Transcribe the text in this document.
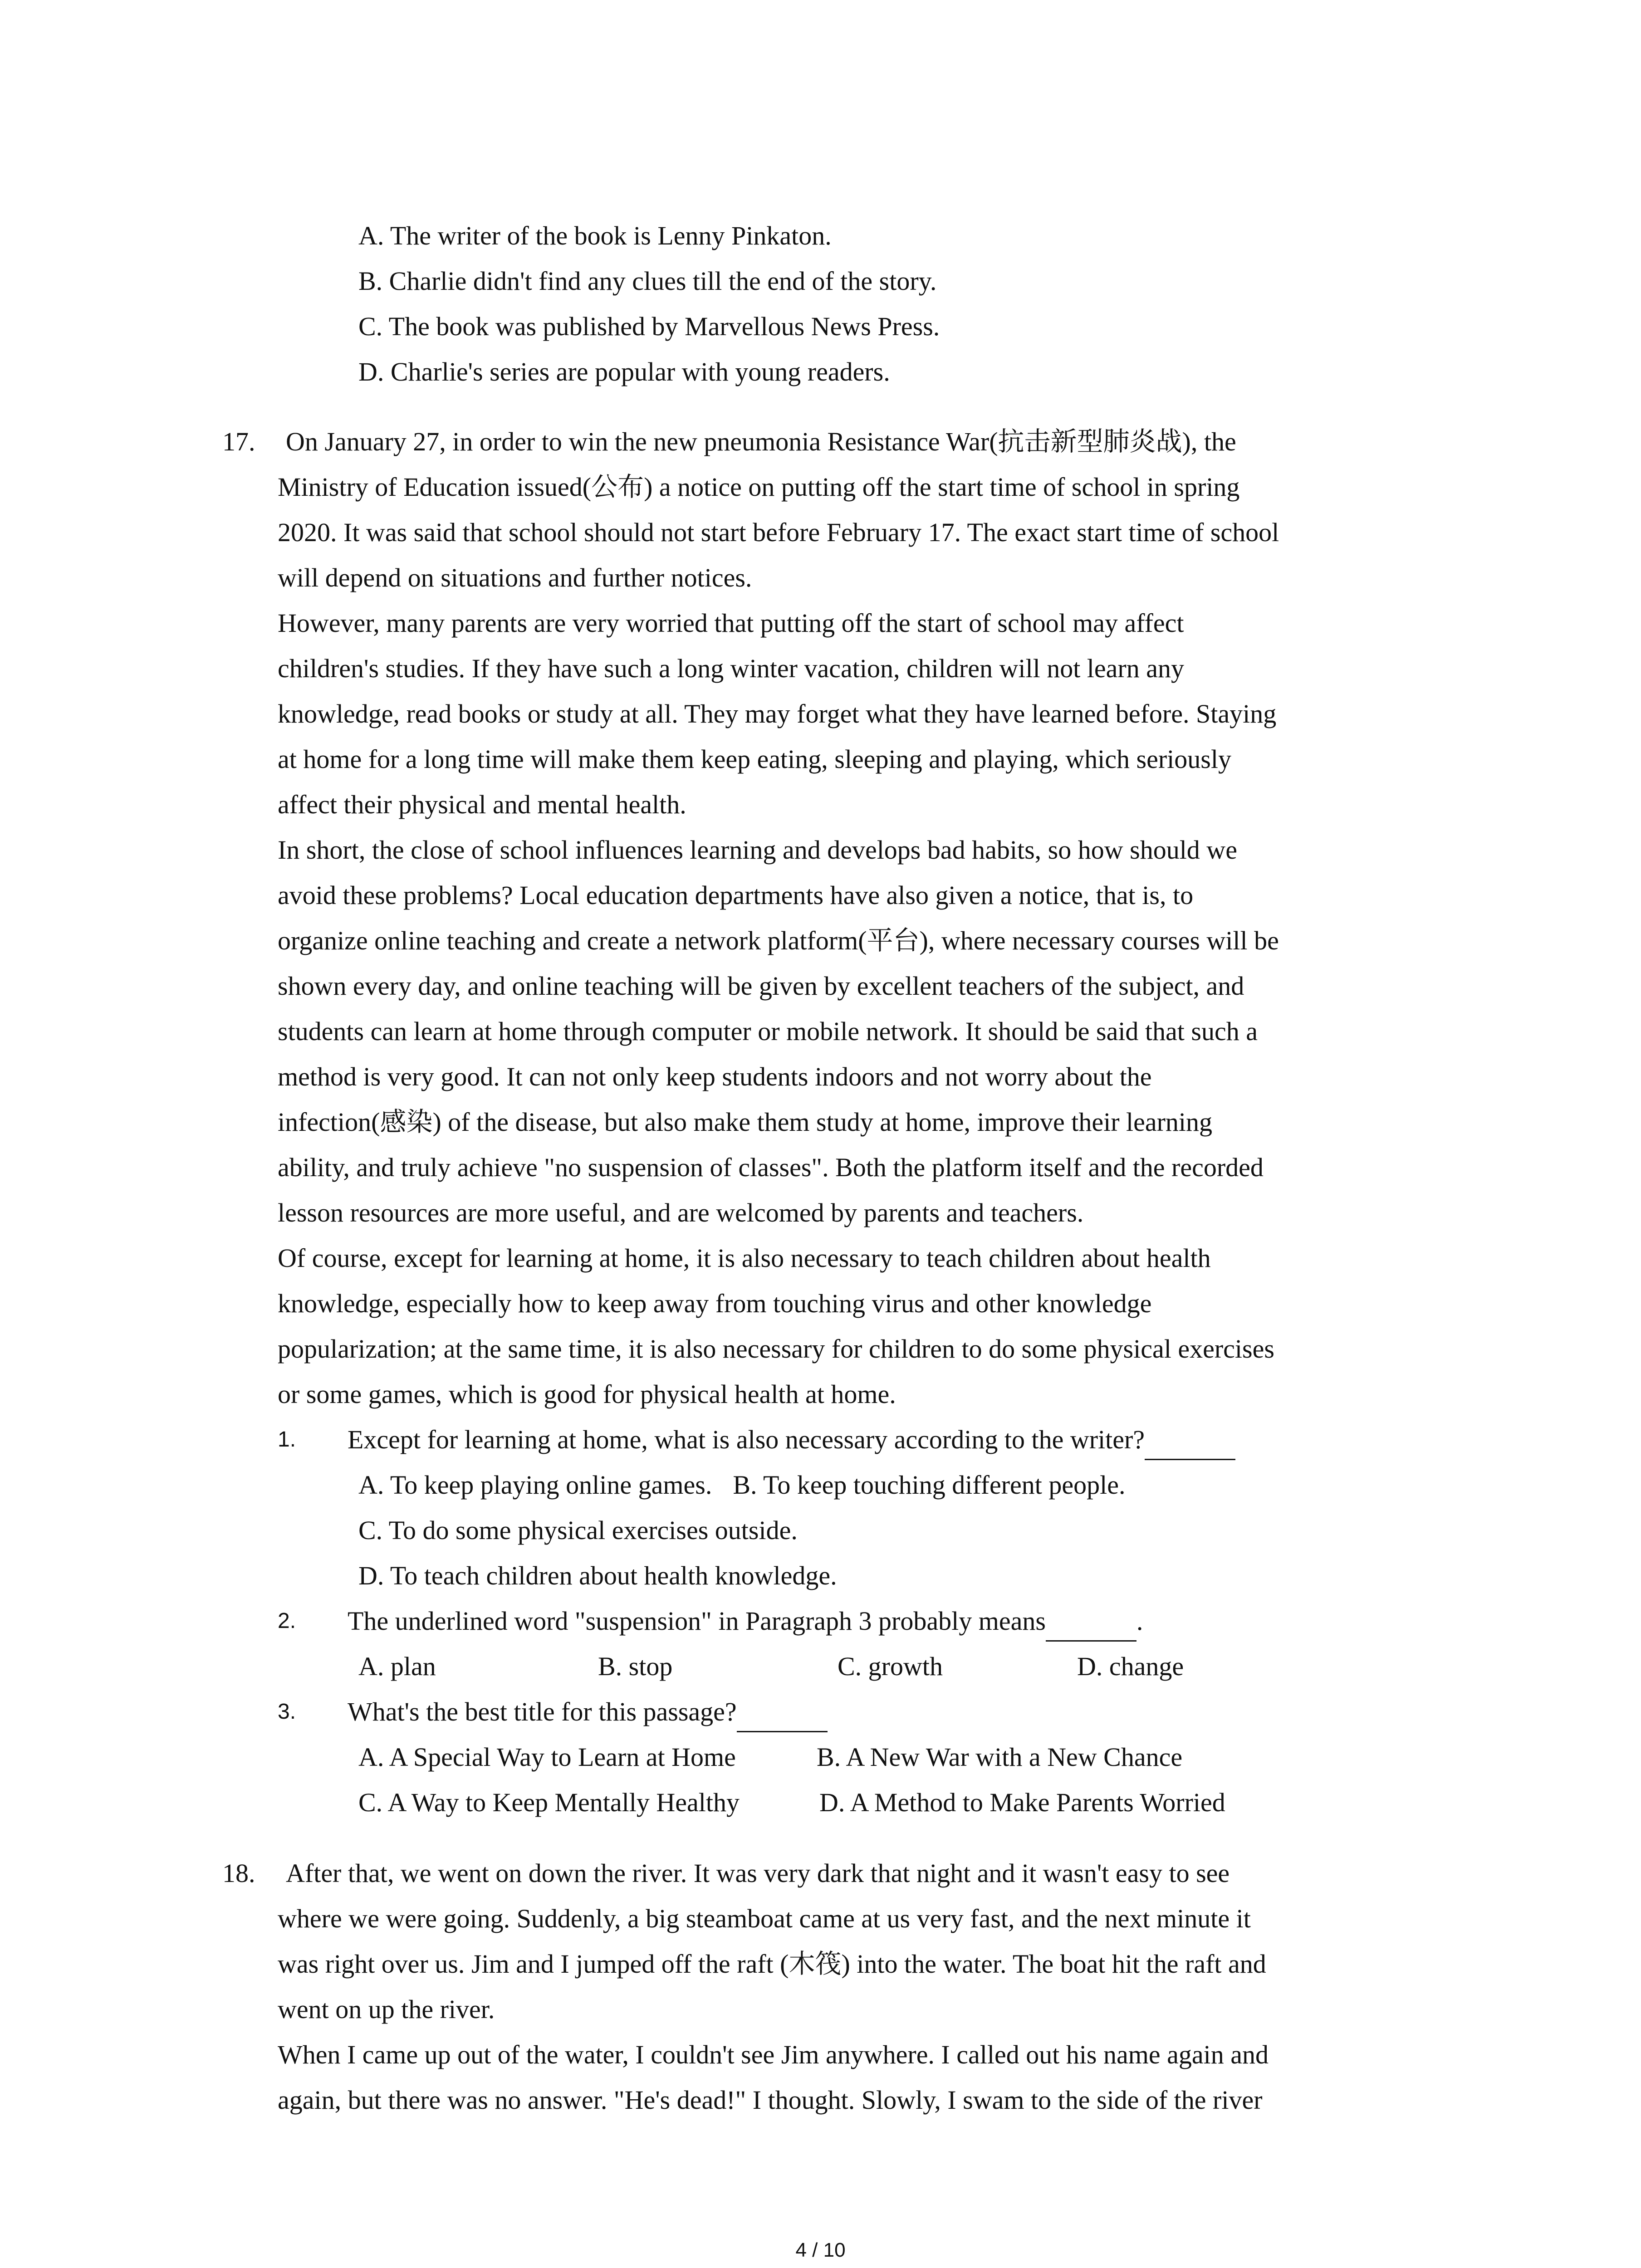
A. The writer of the book is Lenny Pinkaton.
B. Charlie didn't find any clues till the end of the story.
C. The book was published by Marvellous News Press.
D. Charlie's series are popular with young readers.
17. On January 27, in order to win the new pneumonia Resistance War(抗击新型肺炎战), the
Ministry of Education issued(公布) a notice on putting off the start time of school in spring
2020. It was said that school should not start before February 17. The exact start time of school
will depend on situations and further notices.
However, many parents are very worried that putting off the start of school may affect
children's studies. If they have such a long winter vacation, children will not learn any
knowledge, read books or study at all. They may forget what they have learned before. Staying
at home for a long time will make them keep eating, sleeping and playing, which seriously
affect their physical and mental health.
In short, the close of school influences learning and develops bad habits, so how should we
avoid these problems? Local education departments have also given a notice, that is, to
organize online teaching and create a network platform(平台), where necessary courses will be
shown every day, and online teaching will be given by excellent teachers of the subject, and
students can learn at home through computer or mobile network. It should be said that such a
method is very good. It can not only keep students indoors and not worry about the
infection(感染) of the disease, but also make them study at home, improve their learning
ability, and truly achieve "no suspension of classes". Both the platform itself and the recorded
lesson resources are more useful, and are welcomed by parents and teachers.
Of course, except for learning at home, it is also necessary to teach children about health
knowledge, especially how to keep away from touching virus and other knowledge
popularization; at the same time, it is also necessary for children to do some physical exercises
or some games, which is good for physical health at home.
1. Except for learning at home, what is also necessary according to the writer?
A. To keep playing online games. B. To keep touching different people.
C. To do some physical exercises outside.
D. To teach children about health knowledge.
2. The underlined word "suspension" in Paragraph 3 probably means	.
A. plan	B. stop	C. growth	D. change
3. What's the best title for this passage?
A. A Special Way to Learn at Home	B. A New War with a New Chance
C. A Way to Keep Mentally Healthy	D. A Method to Make Parents Worried
18. After that, we went on down the river. It was very dark that night and it wasn't easy to see
where we were going. Suddenly, a big steamboat came at us very fast, and the next minute it
was right over us. Jim and I jumped off the raft (木筏) into the water. The boat hit the raft and
went on up the river.
When I came up out of the water, I couldn't see Jim anywhere. I called out his name again and
again, but there was no answer. "He's dead!" I thought. Slowly, I swam to the side of the river
4 / 10
